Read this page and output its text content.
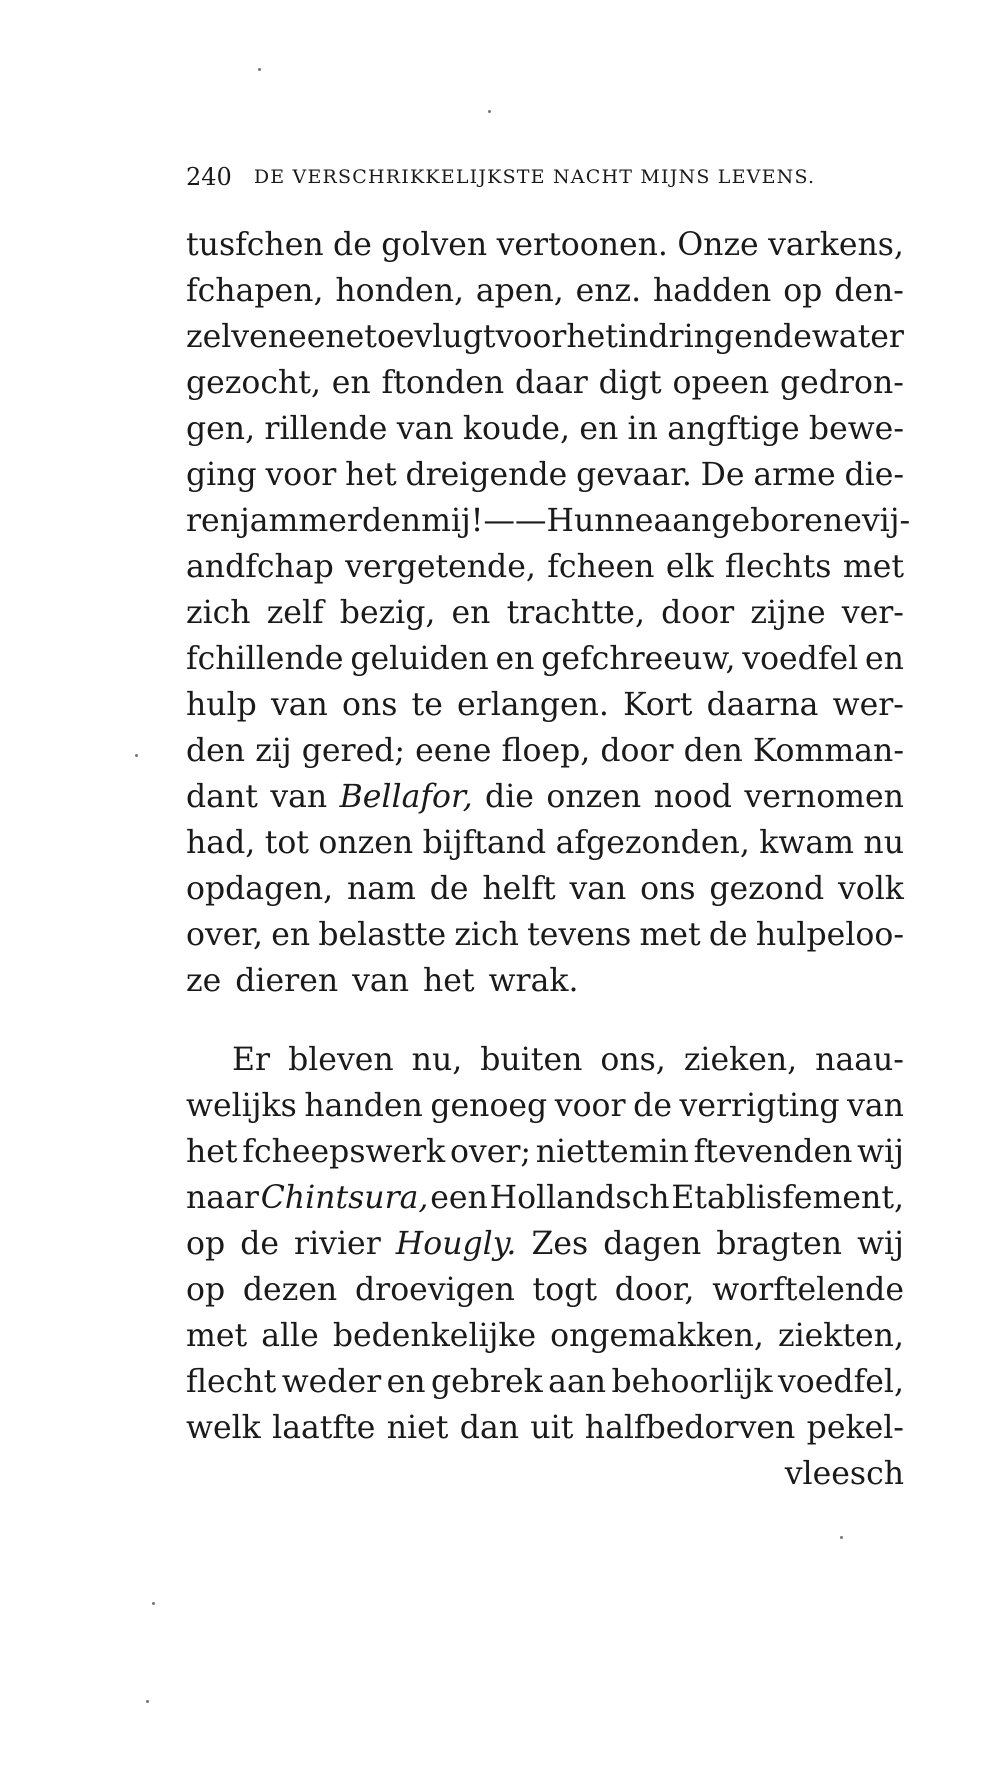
240 DE VERSCHRIKKELIJKSTE NACHT MIJNS LEVENS.
tusfchen de golven vertoonen. Onze varkens,
fchapen, honden, apen, enz. hadden op den-
zelven eene toevlugt voor het indringende water
gezocht, en ftonden daar digt opeen gedron-
gen, rillende van koude, en in angftige bewe-
ging voor het dreigende gevaar. De arme die-
ren jammerden mij! —— Hunne aangeborene vij-
andfchap vergetende, fcheen elk flechts met
zich zelf bezig, en trachtte, door zijne ver-
fchillende geluiden en gefchreeuw, voedfel en
hulp van ons te erlangen. Kort daarna wer-
den zij gered; eene floep, door den Komman-
dant van Bellafor, die onzen nood vernomen
had, tot onzen bijftand afgezonden, kwam nu
opdagen, nam de helft van ons gezond volk
over, en belastte zich tevens met de hulpeloo-
ze dieren van het wrak.
Er bleven nu, buiten ons, zieken, naau-
welijks handen genoeg voor de verrigting van
het fcheepswerk over; niettemin ftevenden wij
naar Chintsura, een Hollandsch Etablisfement,
op de rivier Hougly. Zes dagen bragten wij
op dezen droevigen togt door, worftelende
met alle bedenkelijke ongemakken, ziekten,
flecht weder en gebrek aan behoorlijk voedfel,
welk laatfte niet dan uit halfbedorven pekel-
vleesch
